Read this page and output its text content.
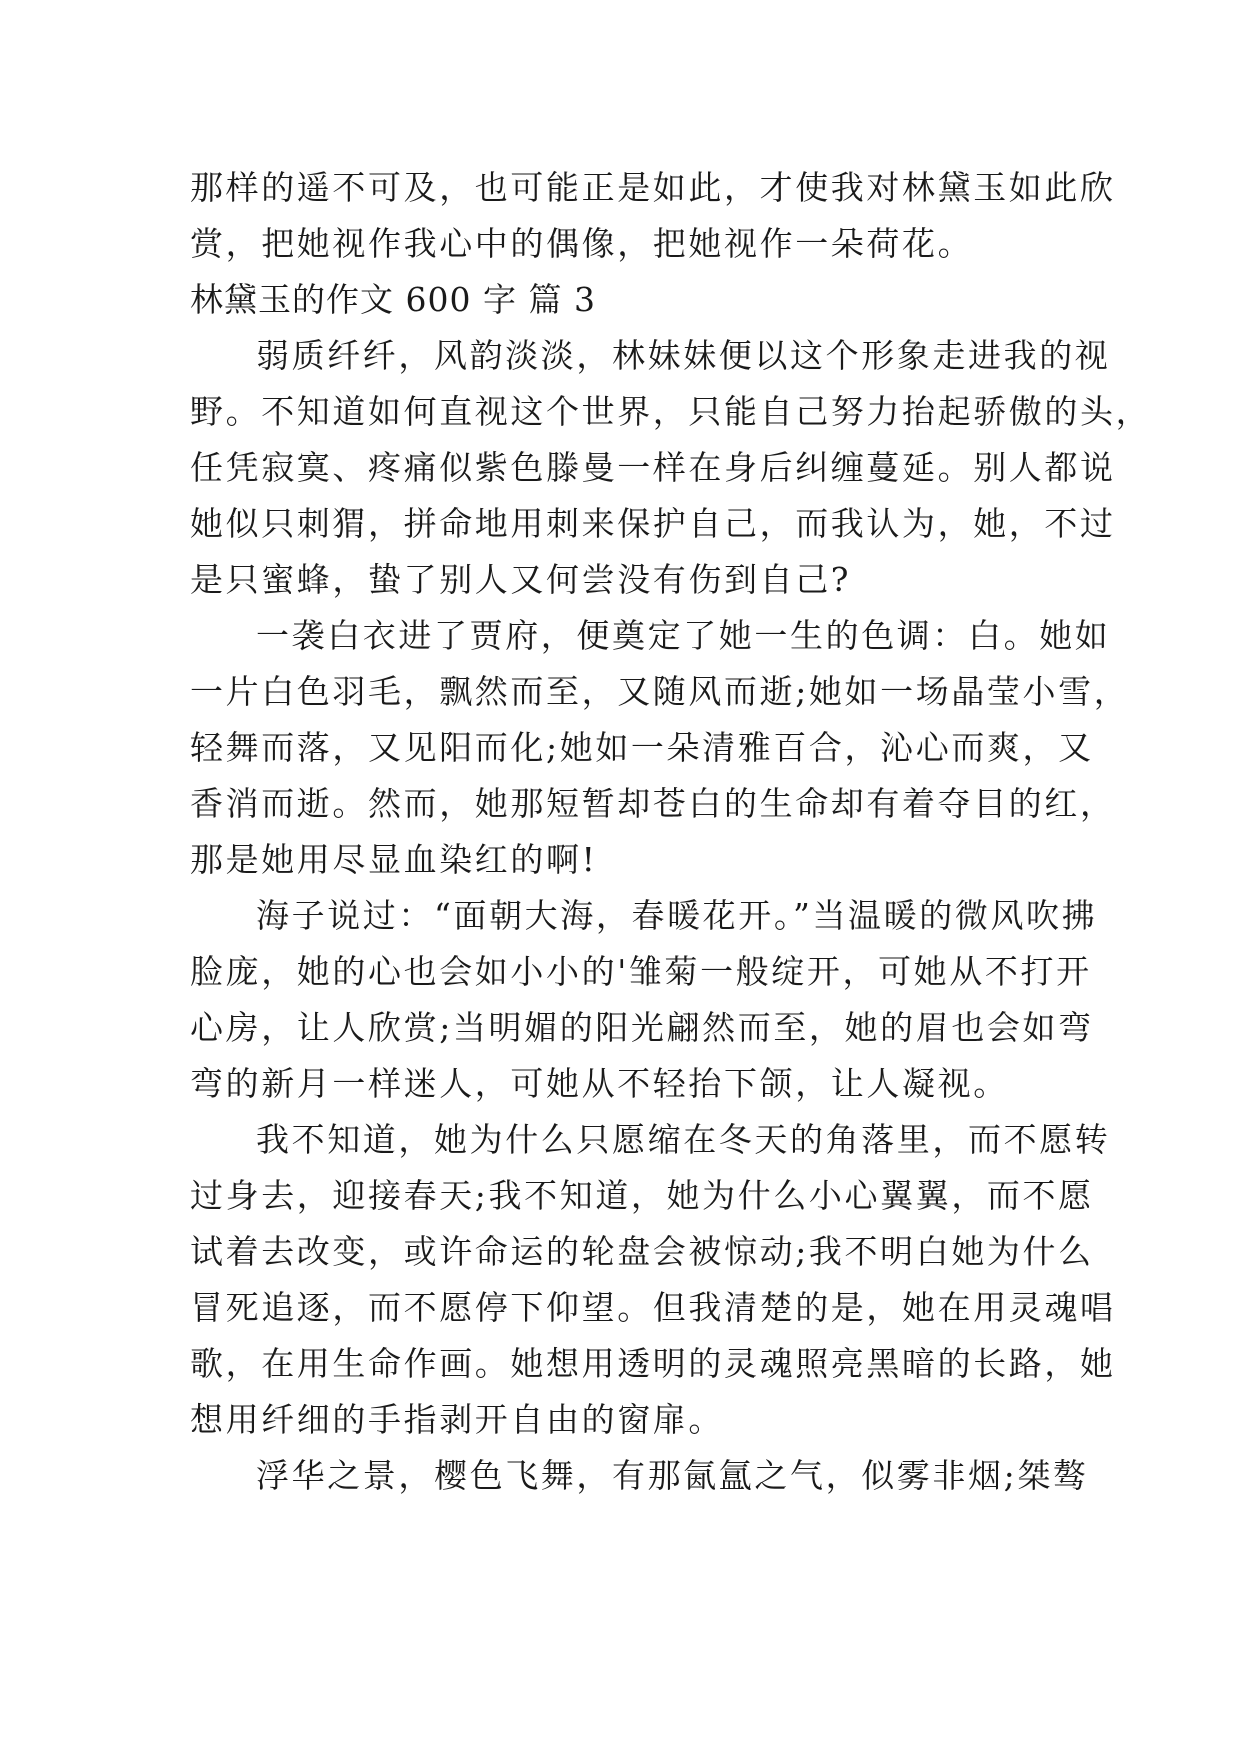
那样的遥不可及，也可能正是如此，才使我对林黛玉如此欣
赏，把她视作我心中的偶像，把她视作一朵荷花。
林黛玉的作文 600 字 篇 3
弱质纤纤，风韵淡淡，林妹妹便以这个形象走进我的视
野。不知道如何直视这个世界，只能自己努力抬起骄傲的头，
任凭寂寞、疼痛似紫色滕曼一样在身后纠缠蔓延。别人都说
她似只刺猬，拼命地用刺来保护自己，而我认为，她，不过
是只蜜蜂，蛰了别人又何尝没有伤到自己?
一袭白衣进了贾府，便奠定了她一生的色调：白。她如
一片白色羽毛，飘然而至，又随风而逝;她如一场晶莹小雪，
轻舞而落，又见阳而化;她如一朵清雅百合，沁心而爽，又
香消而逝。然而，她那短暂却苍白的生命却有着夺目的红，
那是她用尽显血染红的啊!
海子说过：“面朝大海，春暖花开。”当温暖的微风吹拂
脸庞，她的心也会如小小的'雏菊一般绽开，可她从不打开
心房，让人欣赏;当明媚的阳光翩然而至，她的眉也会如弯
弯的新月一样迷人，可她从不轻抬下颌，让人凝视。
我不知道，她为什么只愿缩在冬天的角落里，而不愿转
过身去，迎接春天;我不知道，她为什么小心翼翼，而不愿
试着去改变，或许命运的轮盘会被惊动;我不明白她为什么
冒死追逐，而不愿停下仰望。但我清楚的是，她在用灵魂唱
歌，在用生命作画。她想用透明的灵魂照亮黑暗的长路，她
想用纤细的手指剥开自由的窗扉。
浮华之景，樱色飞舞，有那氤氲之气，似雾非烟;桀骜
